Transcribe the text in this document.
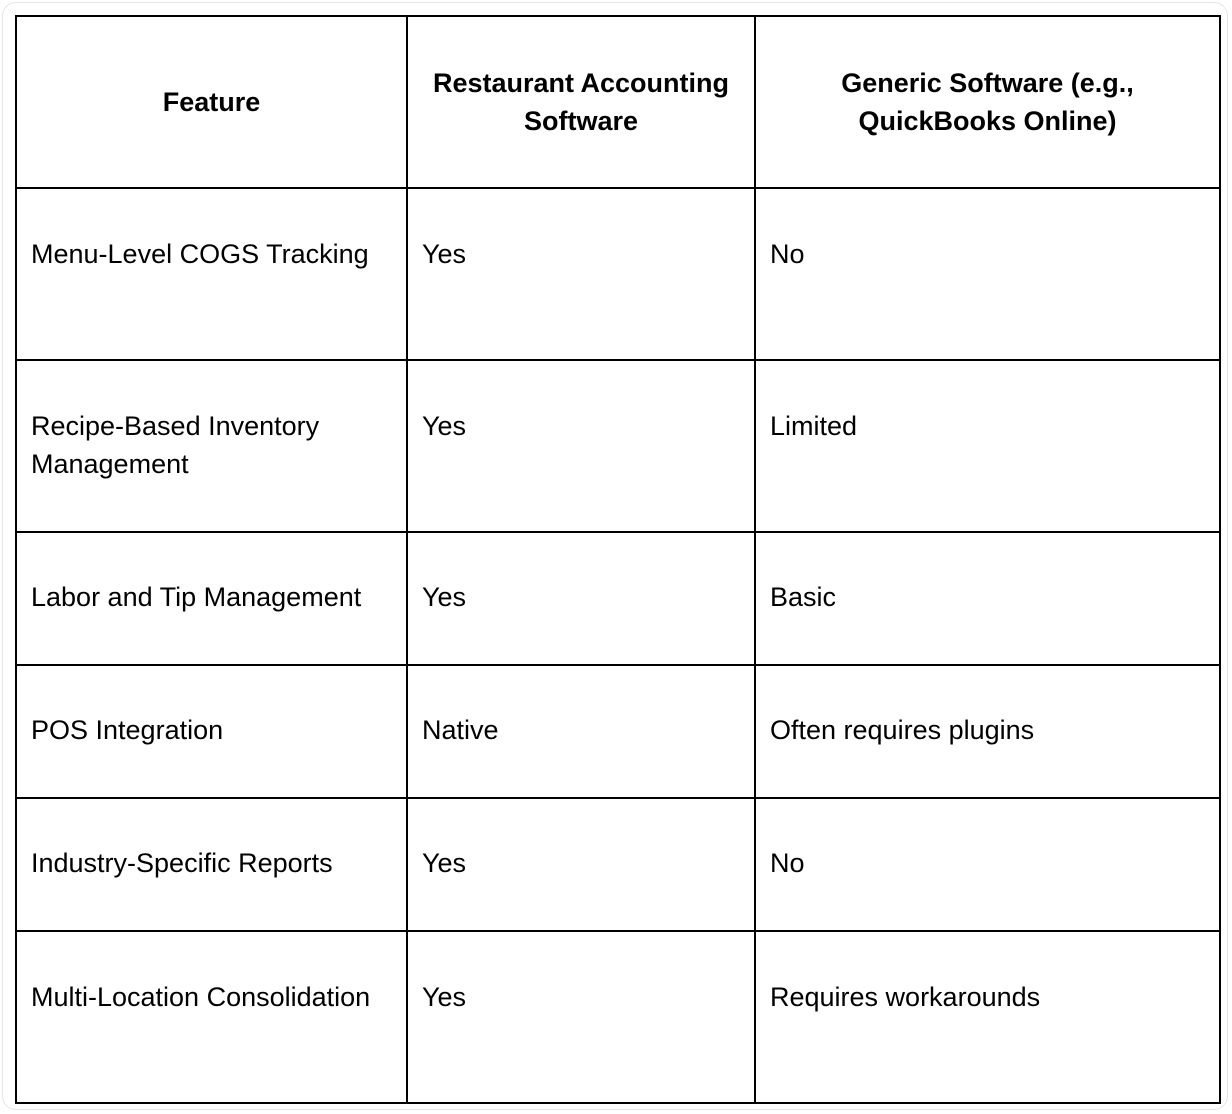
Feature	Restaurant Accounting Software	Generic Software (e.g., QuickBooks Online)
Menu-Level COGS Tracking	Yes	No
Recipe-Based Inventory Management	Yes	Limited
Labor and Tip Management	Yes	Basic
POS Integration	Native	Often requires plugins
Industry-Specific Reports	Yes	No
Multi-Location Consolidation	Yes	Requires workarounds
